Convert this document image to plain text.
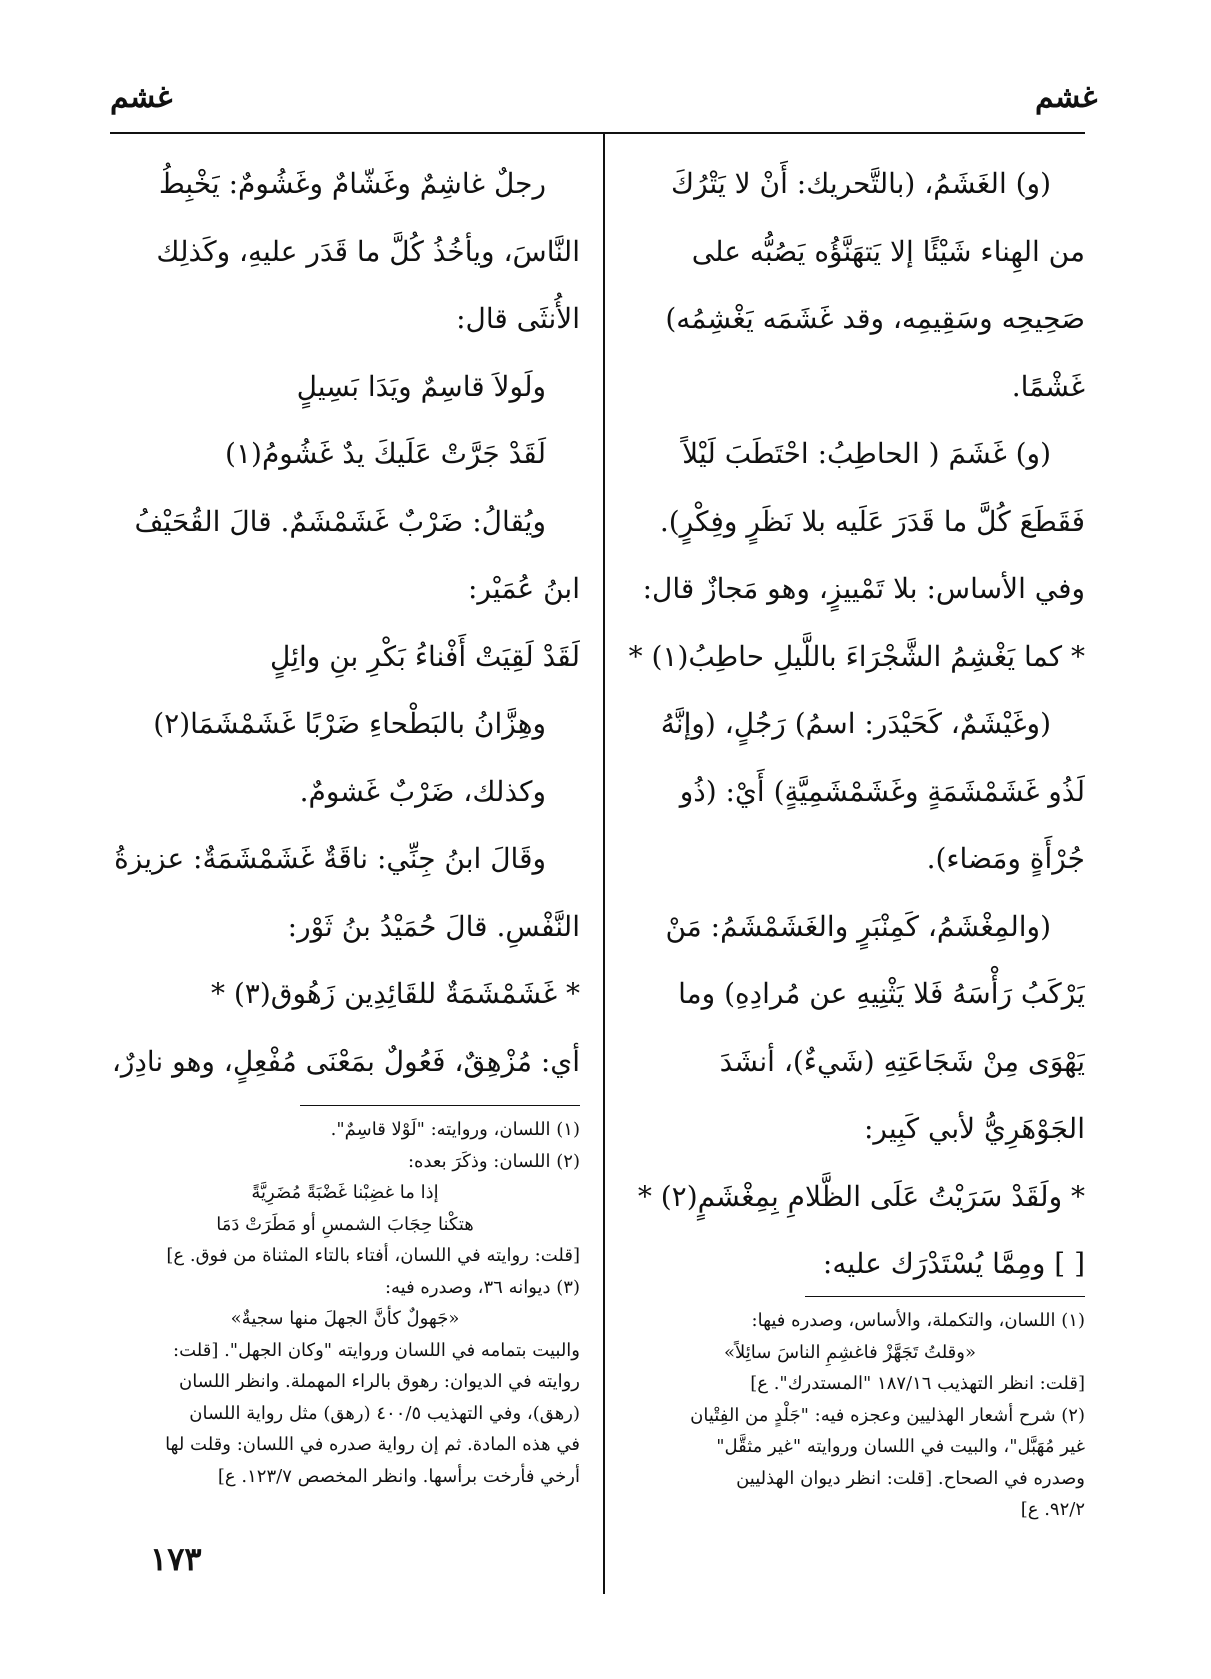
غشم
غشم
(و) الغَشَمُ، (بالتَّحريك: أَنْ لا يَتْرُكَ
من الهِناء شَيْئًا إلا يَتهَنَّؤُه يَصُبُّه على
صَحِيحِه وسَقِيمِه، وقد غَشَمَه يَغْشِمُه)
غَشْمًا.
(و) غَشَمَ ( الحاطِبُ: احْتَطَبَ لَيْلاً
فَقَطَعَ كُلَّ ما قَدَرَ عَلَيه بلا نَظَرٍ وفِكْرٍ).
وفي الأساس: بلا تَمْييزٍ، وهو مَجازٌ قال:
* كما يَغْشِمُ الشَّجْرَاءَ باللَّيلِ حاطِبُ(١) *
(وغَيْشَمٌ، كَحَيْدَر: اسمُ) رَجُلٍ، (وإنَّهُ
لَذُو غَشَمْشَمَةٍ وغَشَمْشَمِيَّةٍ) أَيْ: (ذُو
جُرْأَةٍ ومَضاء).
(والمِغْشَمُ، كَمِنْبَرٍ والغَشَمْشَمُ: مَنْ
يَرْكَبُ رَأْسَهُ فَلا يَثْنِيهِ عن مُرادِهِ) وما
يَهْوَى مِنْ شَجَاعَتِهِ (شَيءٌ)، أنشَدَ
الجَوْهَرِيُّ لأبي كَبِير:
* ولَقَدْ سَرَيْتُ عَلَى الظَّلامِ بِمِغْشَمٍ(٢) *
[ ] ومِمَّا يُسْتَدْرَك عليه:
رجلٌ غاشِمٌ وغَشّامٌ وغَشُومٌ: يَخْبِطُ
النَّاسَ، ويأخُذُ كُلَّ ما قَدَر عليهِ، وكَذلِك
الأُنثَى قال:
ولَولاَ قاسِمٌ ويَدَا بَسِيلٍ
لَقَدْ جَرَّتْ عَلَيكَ يدٌ غَشُومُ(١)
ويُقالُ: ضَرْبٌ غَشَمْشَمٌ. قالَ القُحَيْفُ
ابنُ عُمَيْر:
لَقَدْ لَقِيَتْ أَفْناءُ بَكْرِ بنِ وائِلٍ
وهِزَّانُ بالبَطْحاءِ ضَرْبًا غَشَمْشَمَا(٢)
وكذلك، ضَرْبٌ غَشومٌ.
وقَالَ ابنُ جِنِّي: ناقَةٌ غَشَمْشَمَةٌ: عزيزةُ
النَّفْسِ. قالَ حُمَيْدُ بنُ ثَوْر:
* غَشَمْشَمَةٌ للقَائِدِين زَهُوق(٣) *
أي: مُزْهِقٌ، فَعُولٌ بمَعْنَى مُفْعِلٍ، وهو نادِرٌ،
(١) اللسان، والتكملة، والأساس، وصدره فيها:
«وقلتُ تَجَهَّزْ فاغشِمِ الناسَ سائِلاً»
[قلت: انظر التهذيب ١٨٧/١٦ "المستدرك". ع]
(٢) شرح أشعار الهذليين وعجزه فيه: "جَلْدٍ من الفِتْيان
غير مُهَبَّل"، والبيت في اللسان وروايته "غير مثقَّل"
وصدره في الصحاح. [قلت: انظر ديوان الهذليين
٩٢/٢. ع]
(١) اللسان، وروايته: "لَوْلا قاسِمٌ".
(٢) اللسان: وذكَرَ بعده:
إذا ما غضِبْنا غَضْبَةً مُضَرِيَّةً
هتكْنا حِجَابَ الشمسِ أو مَطَرَتْ دَمَا
[قلت: روايته في اللسان، أفتاء بالتاء المثناة من فوق. ع]
(٣) ديوانه ٣٦، وصدره فيه:
«جَهولٌ كأنَّ الجهلَ منها سجيةٌ»
والبيت بتمامه في اللسان وروايته "وكان الجهل". [قلت:
روايته في الديوان: رهوق بالراء المهملة. وانظر اللسان
(رهق)، وفي التهذيب ٤٠٠/٥ (رهق) مثل رواية اللسان
في هذه المادة. ثم إن رواية صدره في اللسان: وقلت لها
أرخي فأرخت برأسها. وانظر المخصص ١٢٣/٧. ع]
١٧٣
